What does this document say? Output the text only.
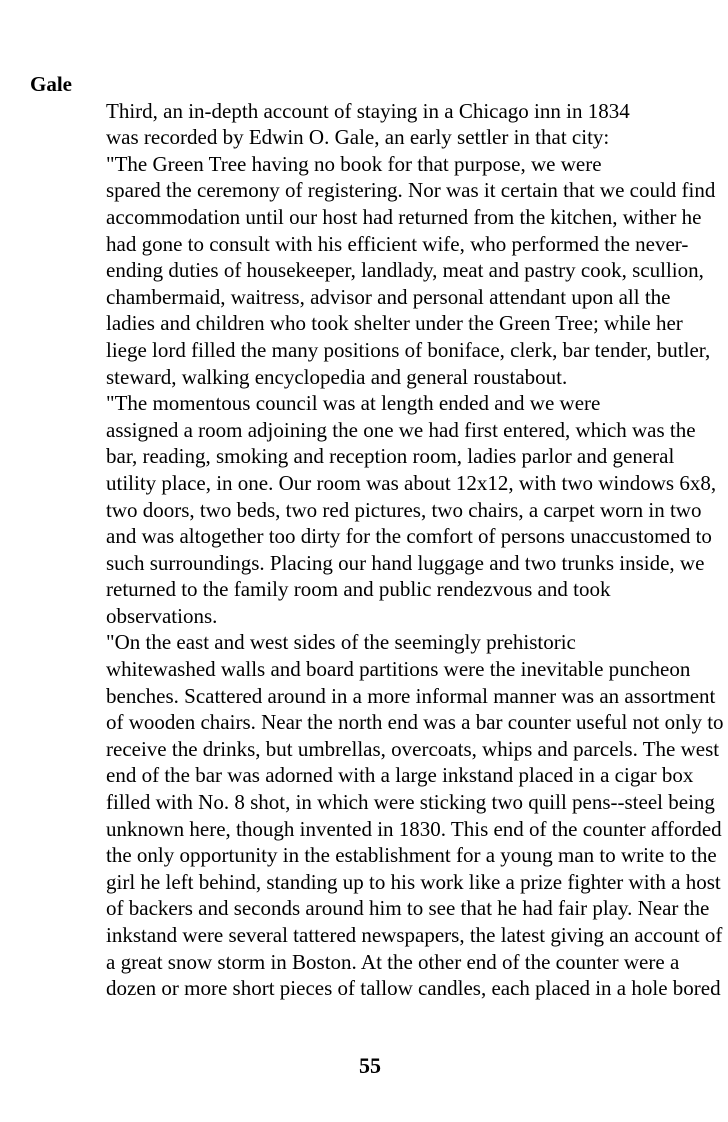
Gale

Third, an in-depth account of staying in a Chicago inn in 1834
was recorded by Edwin O. Gale, an early settler in that city:

"The Green Tree having no book for that purpose, we were
spared the ceremony of registering. Nor was it certain that we could find
accommodation until our host had returned from the kitchen, wither he
had gone to consult with his efficient wife, who performed the never-
ending duties of housekeeper, landlady, meat and pastry cook, scullion,
chambermaid, waitress, advisor and personal attendant upon all the
ladies and children who took shelter under the Green Tree; while her
liege lord filled the many positions of boniface, clerk, bar tender, butler,
steward, walking encyclopedia and general roustabout.

"The momentous council was at length ended and we were
assigned a room adjoining the one we had first entered, which was the
bar, reading, smoking and reception room, ladies parlor and general
utility place, in one. Our room was about 12x12, with two windows 6x8,
two doors, two beds, two red pictures, two chairs, a carpet worn in two
and was altogether too dirty for the comfort of persons unaccustomed to
such surroundings. Placing our hand luggage and two trunks inside, we
returned to the family room and public rendezvous and took
observations.

"On the east and west sides of the seemingly prehistoric
whitewashed walls and board partitions were the inevitable puncheon
benches. Scattered around in a more informal manner was an assortment
of wooden chairs. Near the north end was a bar counter useful not only to
receive the drinks, but umbrellas, overcoats, whips and parcels. The west
end of the bar was adorned with a large inkstand placed in a cigar box
filled with No. 8 shot, in which were sticking two quill pens--steel being
unknown here, though invented in 1830. This end of the counter afforded
the only opportunity in the establishment for a young man to write to the
girl he left behind, standing up to his work like a prize fighter with a host
of backers and seconds around him to see that he had fair play. Near the
inkstand were several tattered newspapers, the latest giving an account of
a great snow storm in Boston. At the other end of the counter were a
dozen or more short pieces of tallow candles, each placed in a hole bored

55
